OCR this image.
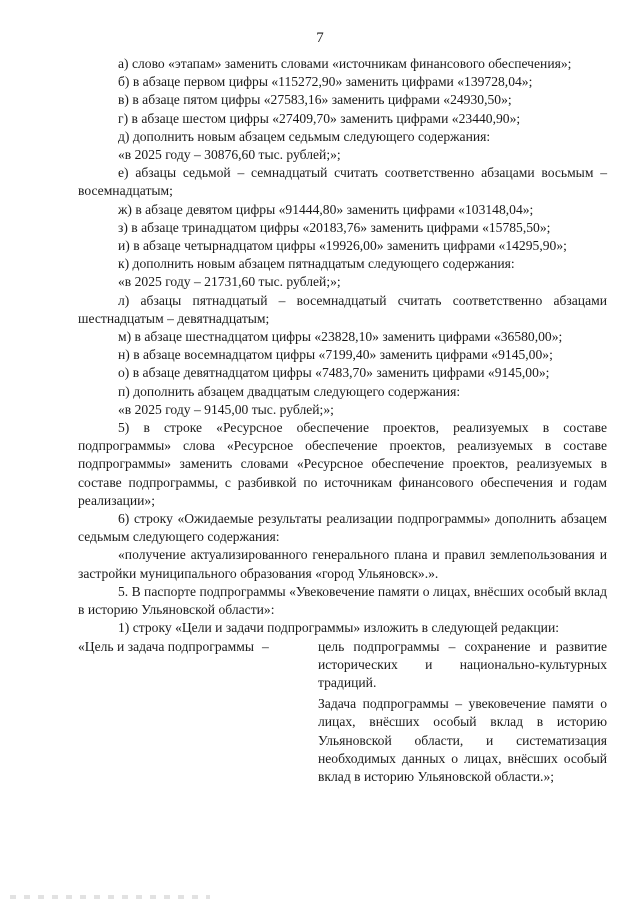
7

а) слово «этапам» заменить словами «источникам финансового обеспечения»;

б) в абзаце первом цифры «115272,90» заменить цифрами «139728,04»;

в) в абзаце пятом цифры «27583,16» заменить цифрами «24930,50»;

г) в абзаце шестом цифры «27409,70» заменить цифрами «23440,90»;

д) дополнить новым абзацем седьмым следующего содержания:

«в 2025 году – 30876,60 тыс. рублей;»;

е) абзацы седьмой – семнадцатый считать соответственно абзацами восьмым – восемнадцатым;

ж) в абзаце девятом цифры «91444,80» заменить цифрами «103148,04»;

з) в абзаце тринадцатом цифры «20183,76» заменить цифрами «15785,50»;

и) в абзаце четырнадцатом цифры «19926,00» заменить цифрами «14295,90»;

к) дополнить новым абзацем пятнадцатым следующего содержания:

«в 2025 году – 21731,60 тыс. рублей;»;

л) абзацы пятнадцатый – восемнадцатый считать соответственно абзацами шестнадцатым – девятнадцатым;

м) в абзаце шестнадцатом цифры «23828,10» заменить цифрами «36580,00»;

н) в абзаце восемнадцатом цифры «7199,40» заменить цифрами «9145,00»;

о) в абзаце девятнадцатом цифры «7483,70» заменить цифрами «9145,00»;

п) дополнить абзацем двадцатым следующего содержания:

«в 2025 году – 9145,00 тыс. рублей;»;

5) в строке «Ресурсное обеспечение проектов, реализуемых в составе подпрограммы» слова «Ресурсное обеспечение проектов, реализуемых в составе подпрограммы» заменить словами «Ресурсное обеспечение проектов, реализуемых в составе подпрограммы, с разбивкой по источникам финансового обеспечения и годам реализации»;

6) строку «Ожидаемые результаты реализации подпрограммы» дополнить абзацем седьмым следующего содержания:

«получение актуализированного генерального плана и правил землепользования и застройки муниципального образования «город Ульяновск».».

5. В паспорте подпрограммы «Увековечение памяти о лицах, внёсших особый вклад в историю Ульяновской области»:

1) строку «Цели и задачи подпрограммы» изложить в следующей редакции:

«Цель и задача подпрограммы –	цель подпрограммы – сохранение и развитие исторических и национально-культурных традиций.

Задача подпрограммы – увековечение памяти о лицах, внёсших особый вклад в историю Ульяновской области, и систематизация необходимых данных о лицах, внёсших особый вклад в историю Ульяновской области.»;
